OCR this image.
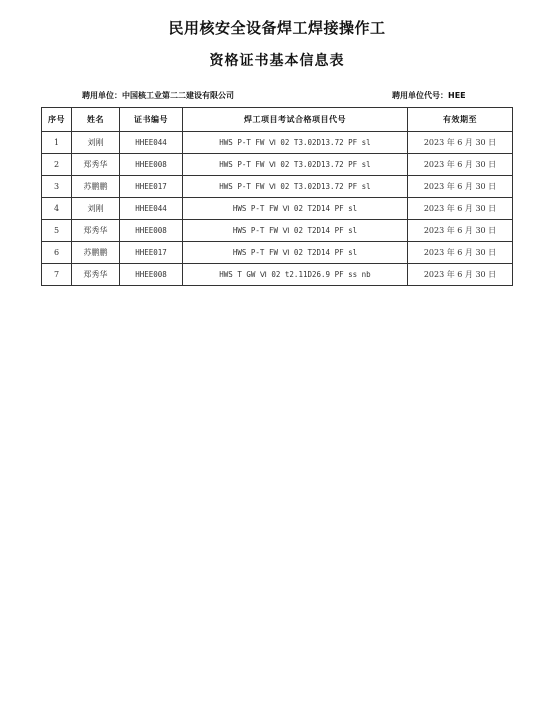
民用核安全设备焊工焊接操作工
资格证书基本信息表
聘用单位：中国核工业第二二建设有限公司	聘用单位代号：HEE
序号	姓名	证书编号	焊工项目考试合格项目代号	有效期至
1	刘刚	HHEE044	HWS P-T FW Ⅵ 02 T3.02D13.72 PF sl	2023 年 6 月 30 日
2	郑秀华	HHEE008	HWS P-T FW Ⅵ 02 T3.02D13.72 PF sl	2023 年 6 月 30 日
3	苏鹏鹏	HHEE017	HWS P-T FW Ⅵ 02 T3.02D13.72 PF sl	2023 年 6 月 30 日
4	刘刚	HHEE044	HWS P-T FW Ⅵ 02 T2D14 PF sl	2023 年 6 月 30 日
5	郑秀华	HHEE008	HWS P-T FW Ⅵ 02 T2D14 PF sl	2023 年 6 月 30 日
6	苏鹏鹏	HHEE017	HWS P-T FW Ⅵ 02 T2D14 PF sl	2023 年 6 月 30 日
7	郑秀华	HHEE008	HWS T GW Ⅵ 02 t2.11D26.9 PF ss nb	2023 年 6 月 30 日
